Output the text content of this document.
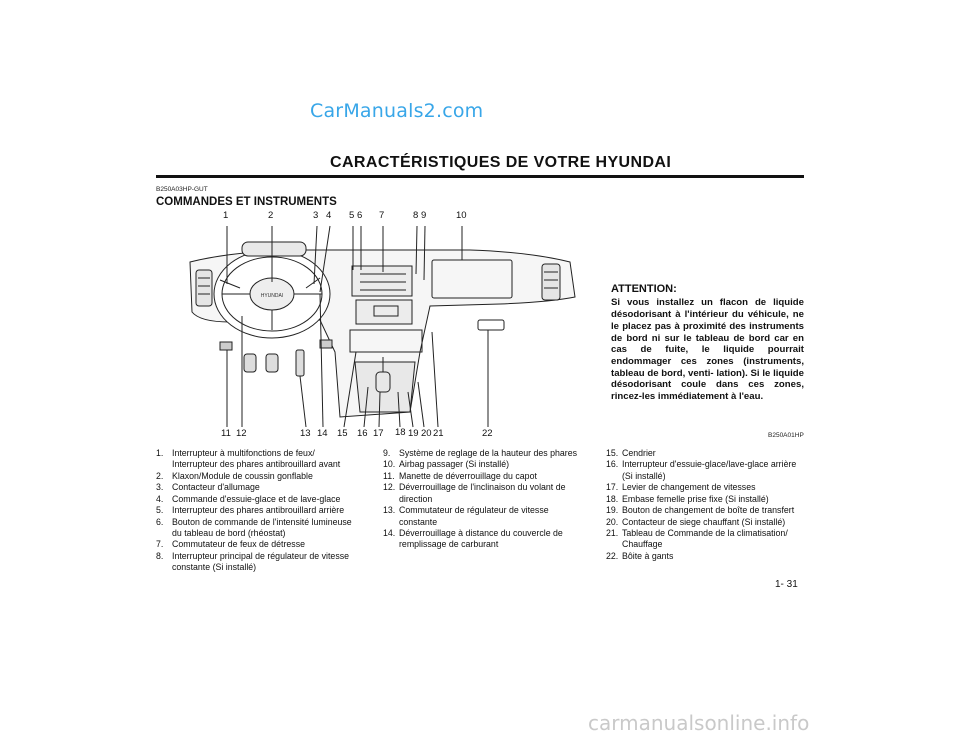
CarManuals2.com
CARACTÉRISTIQUES DE VOTRE HYUNDAI
B250A03HP-GUT
COMMANDES ET INSTRUMENTS
HYUNDAI
1	2	3 4 5 6 7	8 9	10
11 12	13 14 15 16 17 18 19 20 21	22	B250A01HP
ATTENTION:
Si vous installez un flacon de liquide désodorisant à l'intérieur du véhicule, ne le placez pas à proximité des instruments de bord ni sur le tableau de bord car en cas de fuite, le liquide pourrait endommager ces zones (instruments, tableau de bord, venti- lation). Si le liquide désodorisant coule dans ces zones, rincez-les immédiatement à l'eau.
1. Interrupteur à multifonctions de feux/ Interrupteur des phares antibrouillard avant
2. Klaxon/Module de coussin gonflable
3. Contacteur d'allumage
4. Commande d'essuie-glace et de lave-glace
5. Interrupteur des phares antibrouillard arrière
6. Bouton de commande de l'intensité lumineuse du tableau de bord (rhéostat)
7. Commutateur de feux de détresse
8. Interrupteur principal de régulateur de vitesse constante (Si installé)
9. Système de reglage de la hauteur des phares
10. Airbag passager (Si installé)
11. Manette de déverrouillage du capot
12. Déverrouillage de l'inclinaison du volant de direction
13. Commutateur de régulateur de vitesse constante
14. Déverrouillage à distance du couvercle de remplissage de carburant
15. Cendrier
16. Interrupteur d'essuie-glace/lave-glace arrière (Si installé)
17. Levier de changement de vitesses
18. Embase femelle prise fixe (Si installé)
19. Bouton de changement de boîte de transfert
20. Contacteur de siege chauffant (Si installé)
21. Tableau de Commande de la climatisation/ Chauffage
22. Bôite à gants
1- 31
carmanualsonline.info
